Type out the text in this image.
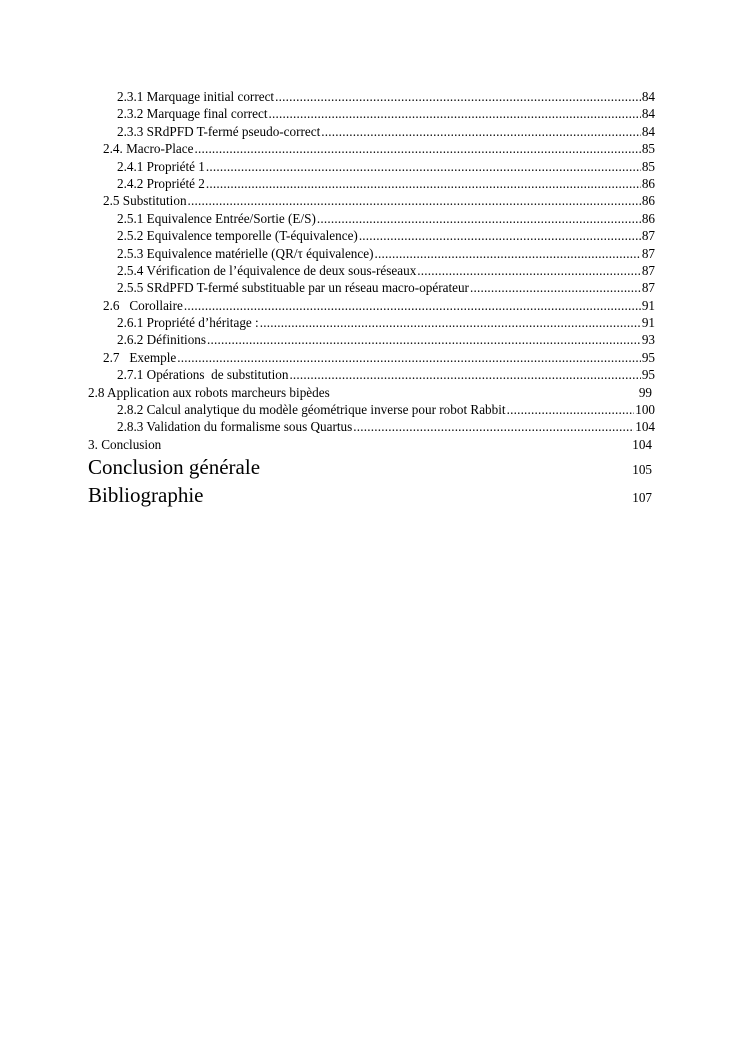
2.3.1 Marquage initial correct .....	84
2.3.2 Marquage final correct .....	84
2.3.3 SRdPFD T-fermé pseudo-correct .....	84
2.4. Macro-Place .....	85
2.4.1 Propriété 1 .....	85
2.4.2 Propriété 2 .....	86
2.5 Substitution .....	86
2.5.1 Equivalence Entrée/Sortie (E/S) .....	86
2.5.2 Equivalence temporelle (T-équivalence) .....	87
2.5.3 Equivalence matérielle (QR/τ équivalence) .....	87
2.5.4 Vérification de l’équivalence de deux sous-réseaux .....	87
2.5.5 SRdPFD T-fermé substituable par un réseau macro-opérateur .....	87
2.6   Corollaire .....	91
2.6.1 Propriété d’héritage : .....	91
2.6.2 Définitions .....	93
2.7   Exemple .....	95
2.7.1 Opérations  de substitution .....	95
2.8 Application aux robots marcheurs bipèdes	99
2.8.2 Calcul analytique du modèle géométrique inverse pour robot Rabbit .....	100
2.8.3 Validation du formalisme sous Quartus .....	104
3. Conclusion	104
Conclusion générale	105
Bibliographie	107
